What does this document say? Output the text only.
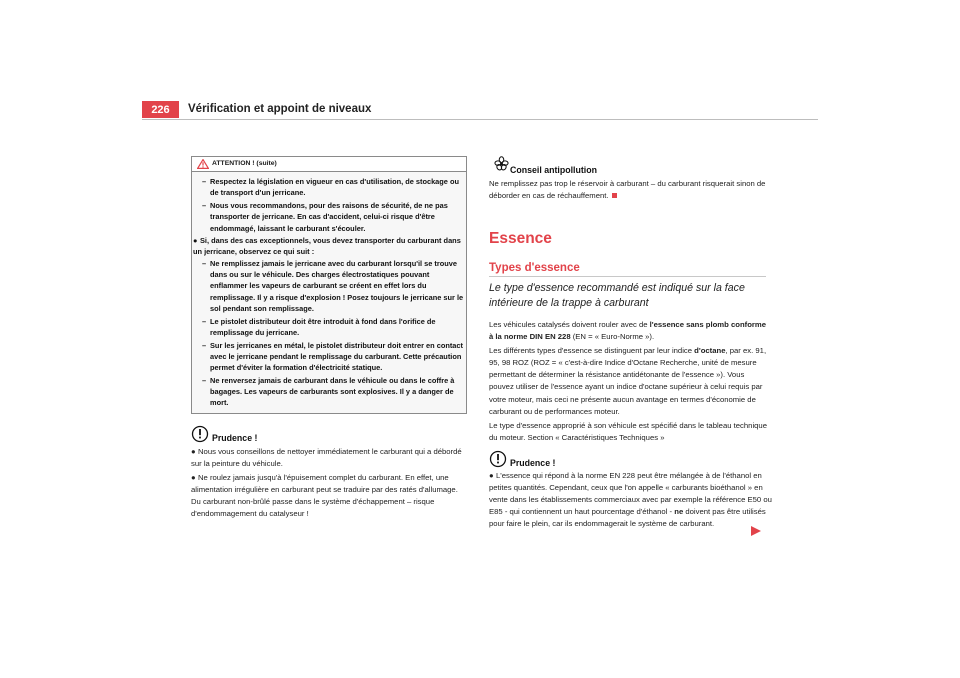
226	Vérification et appoint de niveaux
ATTENTION ! (suite)
– Respectez la législation en vigueur en cas d'utilisation, de stockage ou de transport d'un jerricane.
– Nous vous recommandons, pour des raisons de sécurité, de ne pas transporter de jerricane. En cas d'accident, celui-ci risque d'être endommagé, laissant le carburant s'écouler.
● Si, dans des cas exceptionnels, vous devez transporter du carburant dans un jerricane, observez ce qui suit :
– Ne remplissez jamais le jerricane avec du carburant lorsqu'il se trouve dans ou sur le véhicule. Des charges électrostatiques pouvant enflammer les vapeurs de carburant se créent en effet lors du remplissage. Il y a risque d'explosion ! Posez toujours le jerricane sur le sol pendant son remplissage.
– Le pistolet distributeur doit être introduit à fond dans l'orifice de remplissage du jerricane.
– Sur les jerricanes en métal, le pistolet distributeur doit entrer en contact avec le jerricane pendant le remplissage du carburant. Cette précaution permet d'éviter la formation d'électricité statique.
– Ne renversez jamais de carburant dans le véhicule ou dans le coffre à bagages. Les vapeurs de carburants sont explosives. Il y a danger de mort.
Prudence !

● Nous vous conseillons de nettoyer immédiatement le carburant qui a débordé sur la peinture du véhicule.

● Ne roulez jamais jusqu'à l'épuisement complet du carburant. En effet, une alimentation irrégulière en carburant peut se traduire par des ratés d'allumage. Du carburant non-brûlé passe dans le système d'échappement – risque d'endommagement du catalyseur !

Conseil antipollution
Ne remplissez pas trop le réservoir à carburant – du carburant risquerait sinon de déborder en cas de réchauffement.
Essence
Types d'essence
Le type d'essence recommandé est indiqué sur la face intérieure de la trappe à carburant

Les véhicules catalysés doivent rouler avec de l'essence sans plomb conforme à la norme DIN EN 228 (EN = « Euro-Norme »).

Les différents types d'essence se distinguent par leur indice d'octane, par ex. 91, 95, 98 ROZ (ROZ = « c'est-à-dire Indice d'Octane Recherche, unité de mesure permettant de déterminer la résistance antidétonante de l'essence »). Vous pouvez utiliser de l'essence ayant un indice d'octane supérieur à celui requis par votre moteur, mais ceci ne présente aucun avantage en termes d'économie de carburant ou de performances moteur.

Le type d'essence approprié à son véhicule est spécifié dans le tableau technique du moteur. Section « Caractéristiques Techniques »

Prudence !

● L'essence qui répond à la norme EN 228 peut être mélangée à de l'éthanol en petites quantités. Cependant, ceux que l'on appelle « carburants bioéthanol » en vente dans les établissements commerciaux avec par exemple la référence E50 ou E85 - qui contiennent un haut pourcentage d'éthanol - ne doivent pas être utilisés pour faire le plein, car ils endommagerait le système de carburant.
